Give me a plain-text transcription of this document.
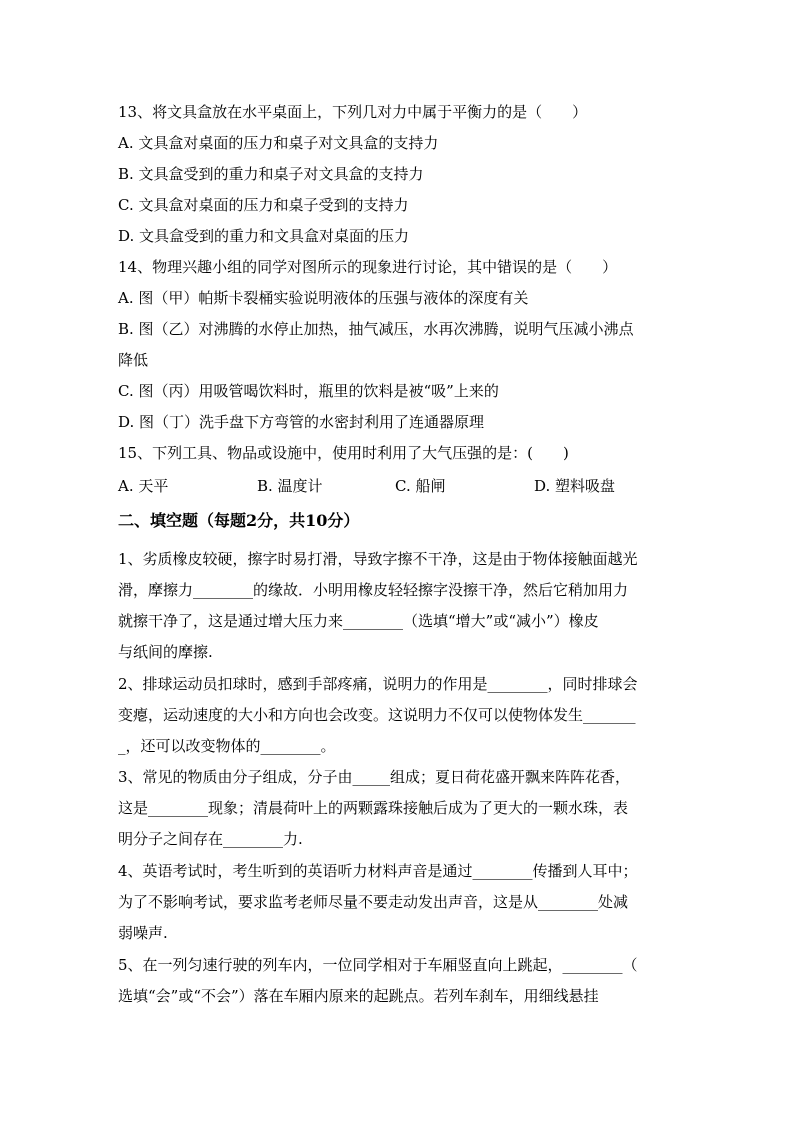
13、将文具盒放在水平桌面上，下列几对力中属于平衡力的是（　　）
A. 文具盒对桌面的压力和桌子对文具盒的支持力
B. 文具盒受到的重力和桌子对文具盒的支持力
C. 文具盒对桌面的压力和桌子受到的支持力
D. 文具盒受到的重力和文具盒对桌面的压力
14、物理兴趣小组的同学对图所示的现象进行讨论，其中错误的是（　　）
A. 图（甲）帕斯卡裂桶实验说明液体的压强与液体的深度有关
B. 图（乙）对沸腾的水停止加热，抽气减压，水再次沸腾，说明气压减小沸点
降低
C. 图（丙）用吸管喝饮料时，瓶里的饮料是被“吸”上来的
D. 图（丁）洗手盘下方弯管的水密封利用了连通器原理
15、下列工具、物品或设施中，使用时利用了大气压强的是：(　　)
A. 天平	B. 温度计	C. 船闸	D. 塑料吸盘
二、填空题（每题2分，共10分）
1、劣质橡皮较硬，擦字时易打滑，导致字擦不干净，这是由于物体接触面越光
滑，摩擦力________的缘故．小明用橡皮轻轻擦字没擦干净，然后它稍加用力
就擦干净了，这是通过增大压力来________（选填“增大”或“减小”）橡皮
与纸间的摩擦.
2、排球运动员扣球时，感到手部疼痛，说明力的作用是________，同时排球会
变瘪，运动速度的大小和方向也会改变。这说明力不仅可以使物体发生_______
_，还可以改变物体的________。
3、常见的物质由分子组成，分子由_____组成；夏日荷花盛开飘来阵阵花香，
这是________现象；清晨荷叶上的两颗露珠接触后成为了更大的一颗水珠，表
明分子之间存在________力.
4、英语考试时，考生听到的英语听力材料声音是通过________传播到人耳中；
为了不影响考试，要求监考老师尽量不要走动发出声音，这是从________处减
弱噪声.
5、在一列匀速行驶的列车内，一位同学相对于车厢竖直向上跳起，________（
选填“会”或“不会”）落在车厢内原来的起跳点。若列车刹车，用细线悬挂
